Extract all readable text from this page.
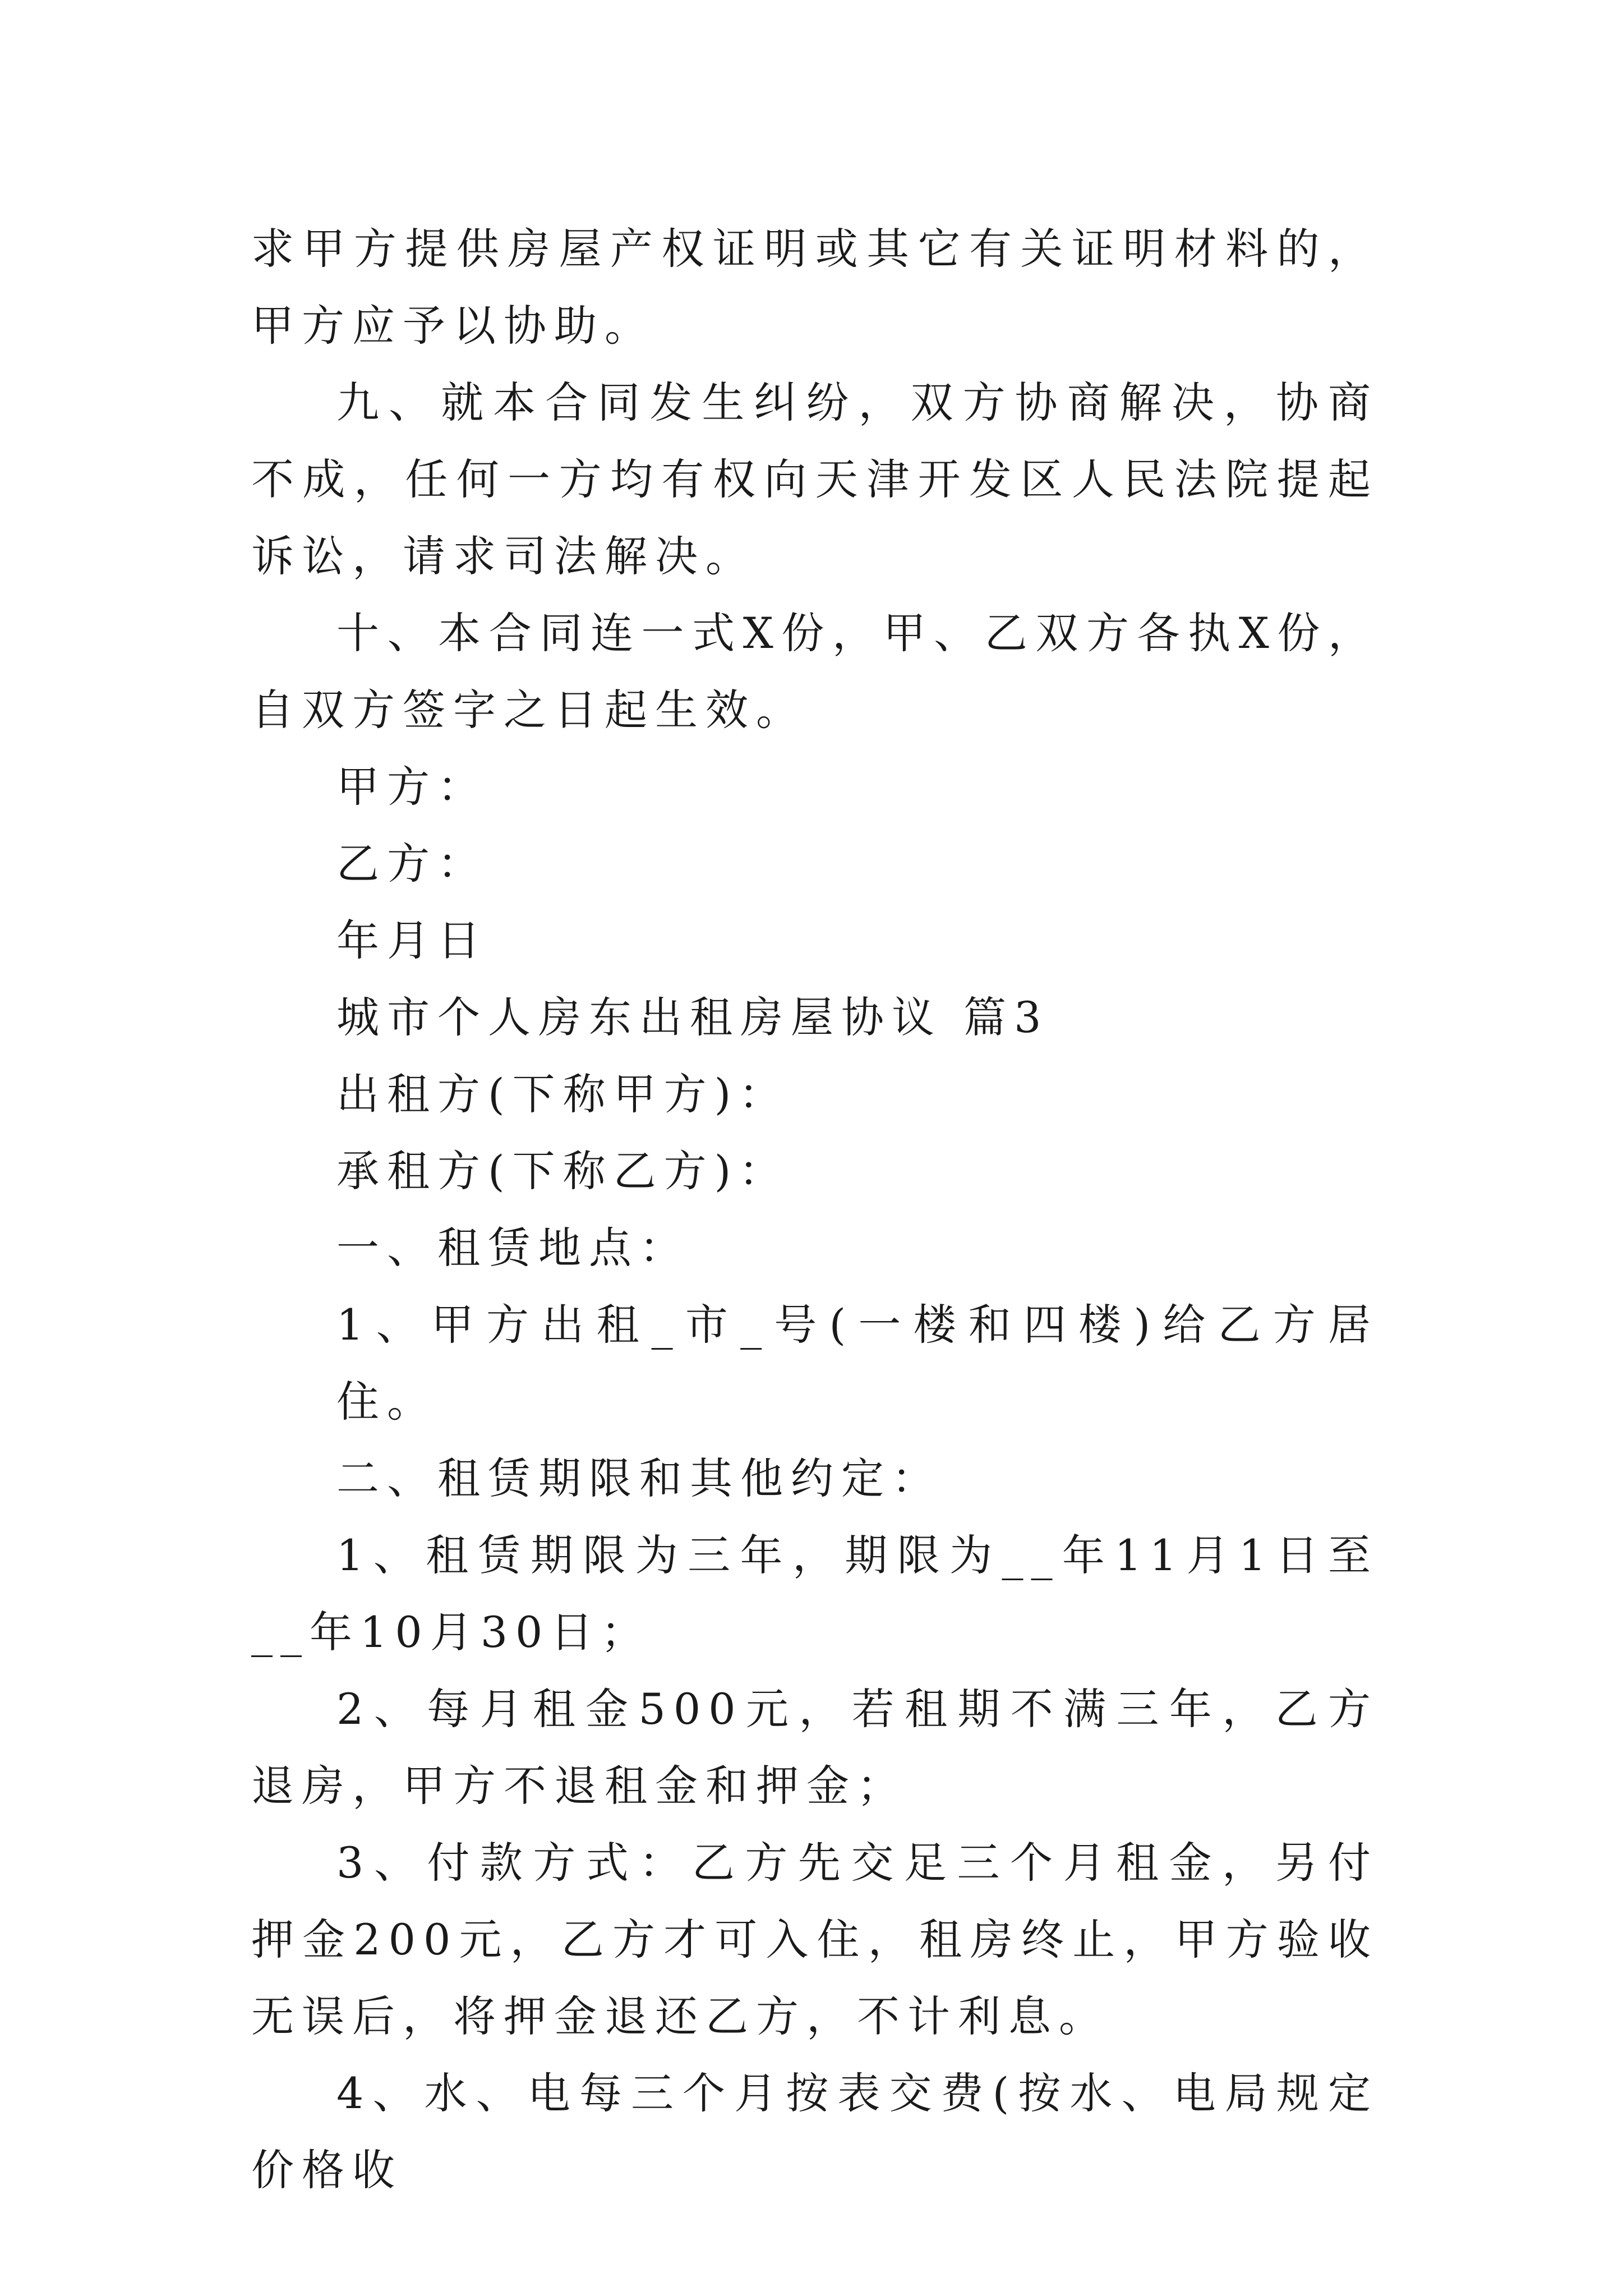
求甲方提供房屋产权证明或其它有关证明材料的，甲方应予以协助。

九、就本合同发生纠纷，双方协商解决，协商不成，任何一方均有权向天津开发区人民法院提起诉讼，请求司法解决。

十、本合同连一式X份，甲、乙双方各执X份，自双方签字之日起生效。

甲方：

乙方：

年月日

城市个人房东出租房屋协议 篇3

出租方(下称甲方)：

承租方(下称乙方)：

一、租赁地点：

1、甲方出租_市_号(一楼和四楼)给乙方居住。

二、租赁期限和其他约定：

1、租赁期限为三年，期限为__年11月1日至__年10月30日；

2、每月租金500元，若租期不满三年，乙方退房，甲方不退租金和押金；

3、付款方式：乙方先交足三个月租金，另付押金200元，乙方才可入住，租房终止，甲方验收无误后，将押金退还乙方，不计利息。

4、水、电每三个月按表交费(按水、电局规定价格收
